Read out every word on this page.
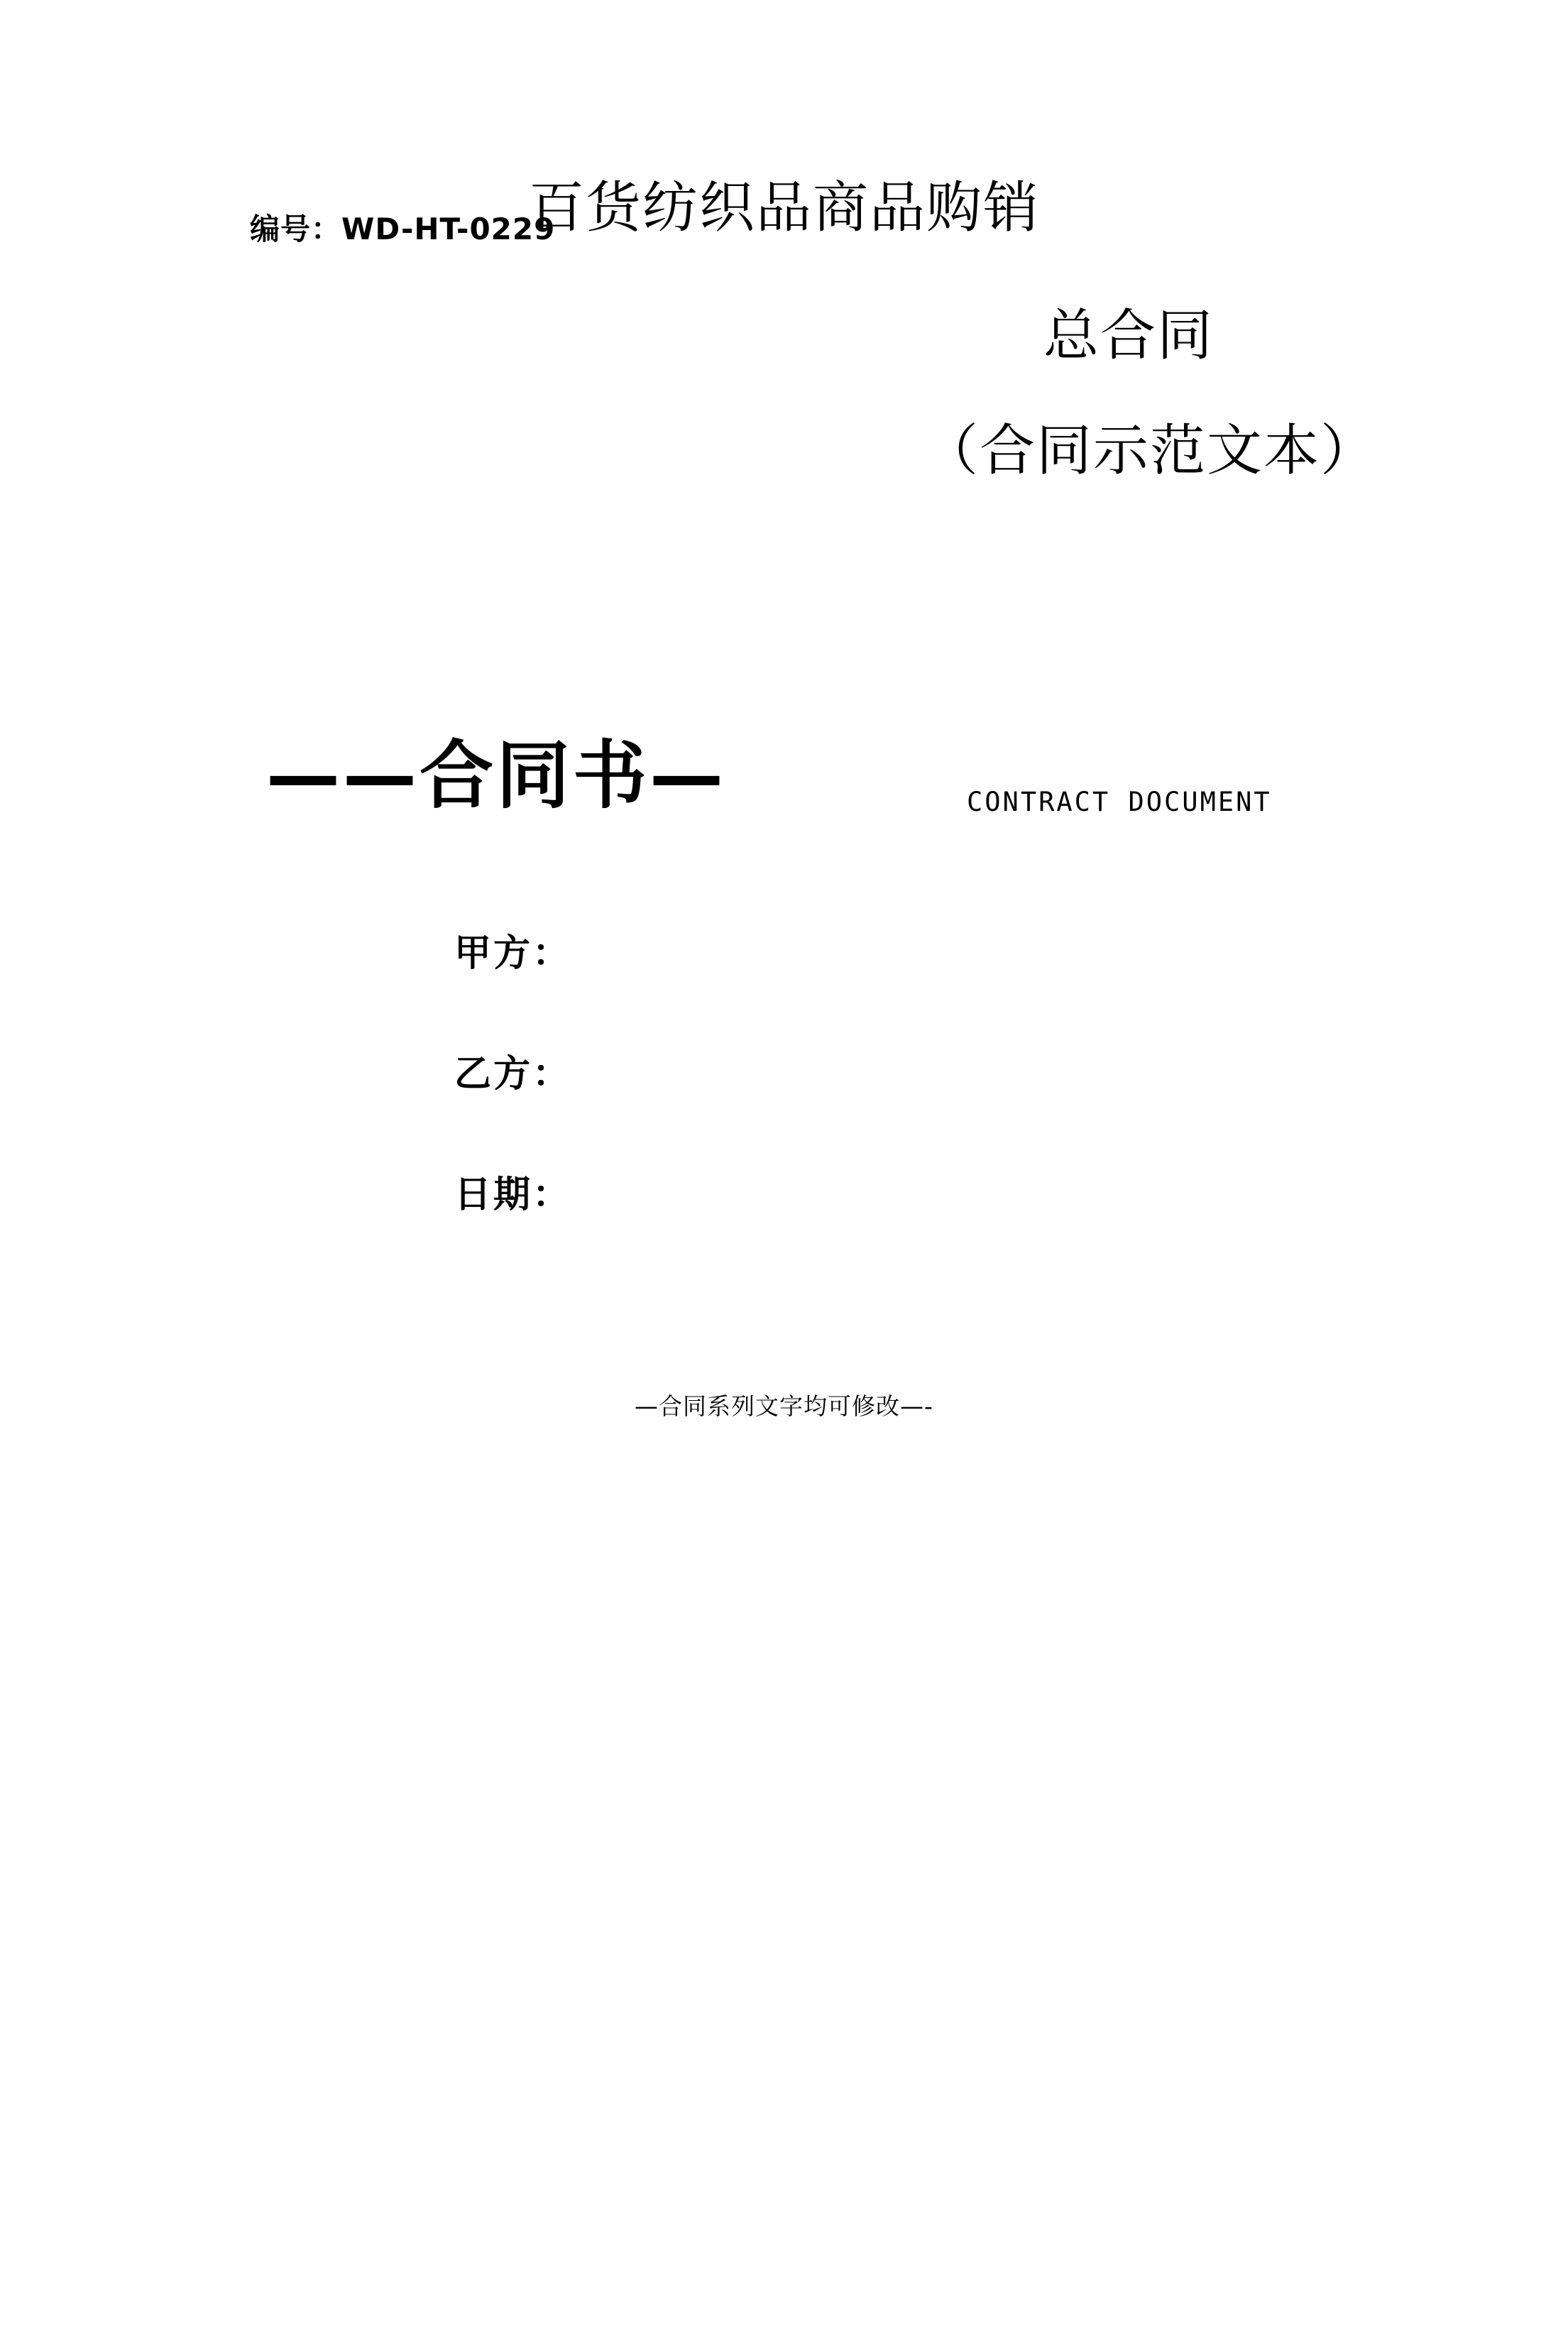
编号：WD-HT-0229
百货纺织品商品购销
总合同
（合同示范文本）
——合同书—	CONTRACT DOCUMENT
甲方：
乙方：
日期：
—合同系列文字均可修改—-
